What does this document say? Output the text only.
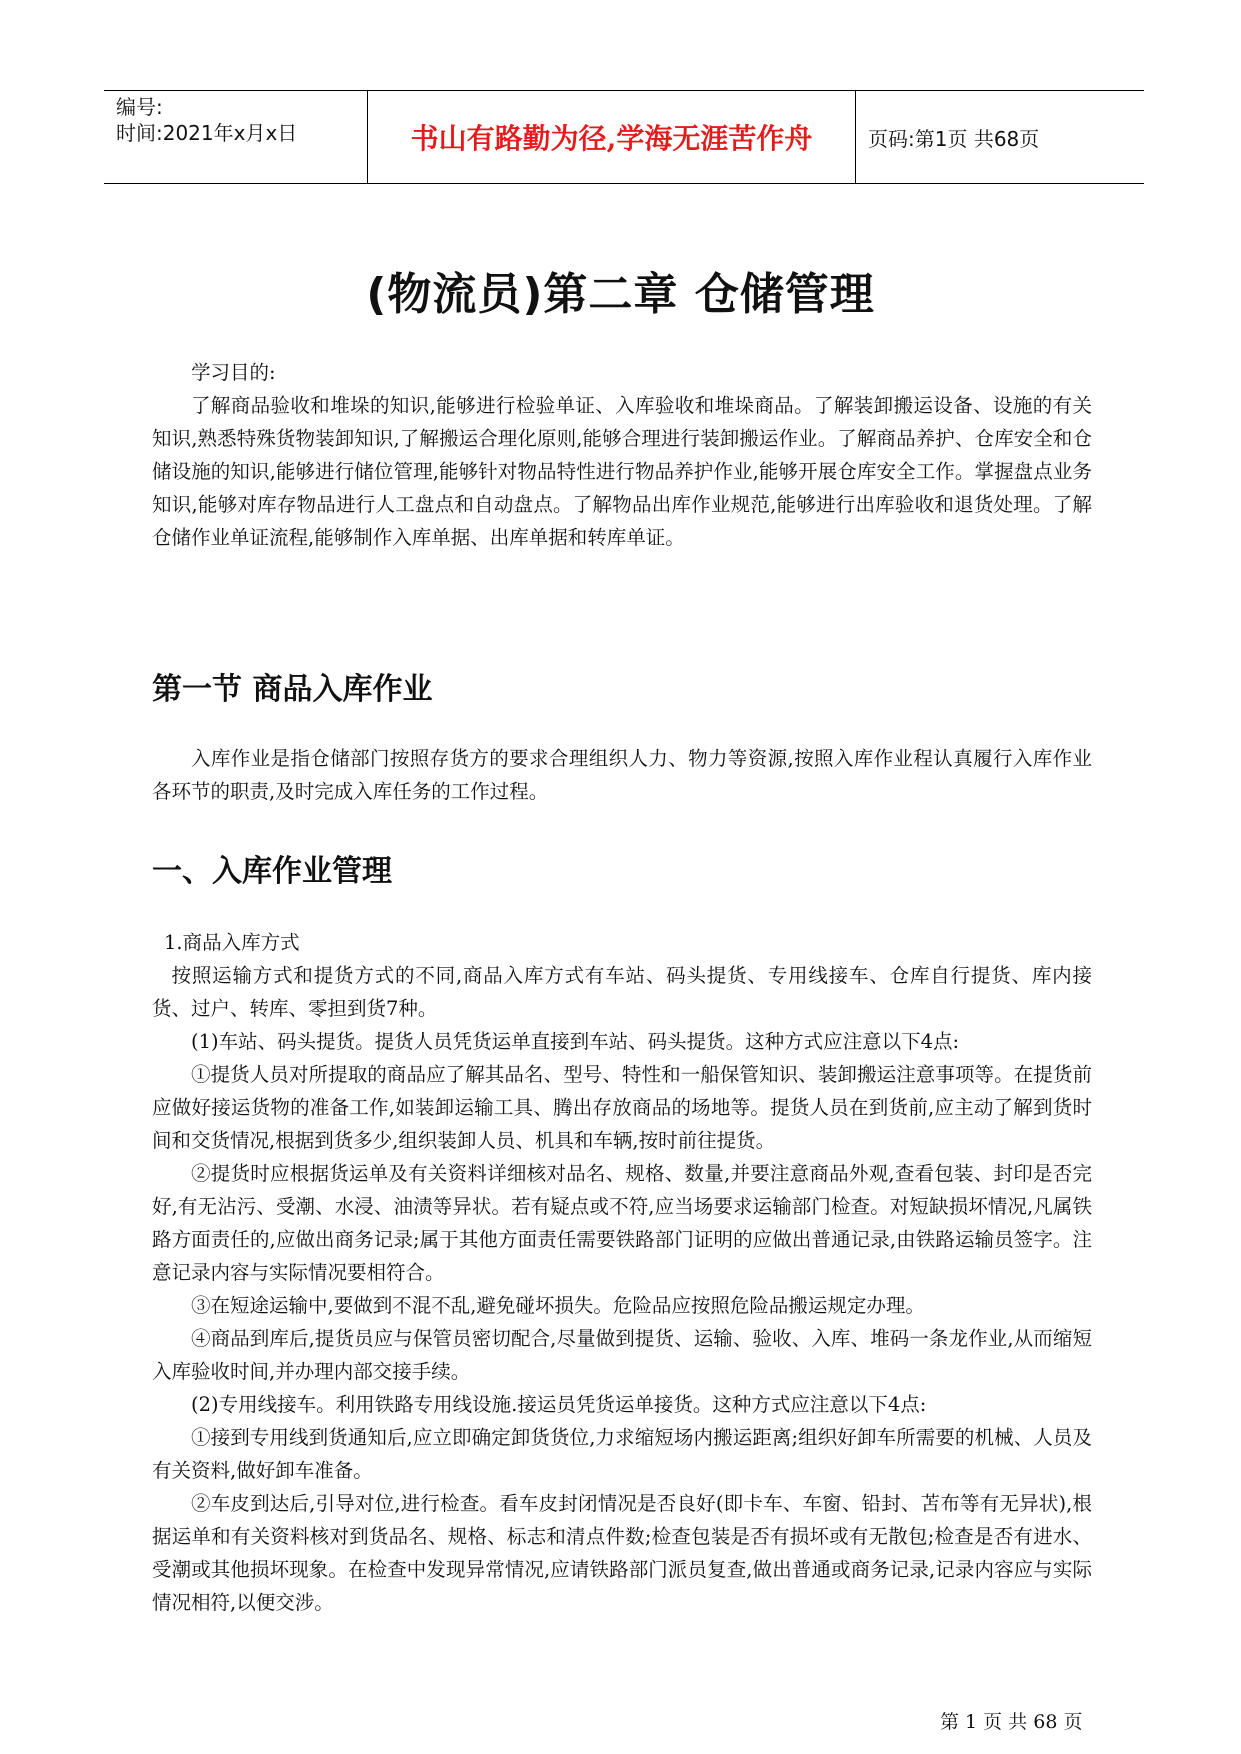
编号:
时间:2021年x月x日	书山有路勤为径,学海无涯苦作舟	页码:第1页 共68页
(物流员)第二章 仓储管理

学习目的:

了解商品验收和堆垛的知识,能够进行检验单证、入库验收和堆垛商品。了解装卸搬运设备、设施的有关知识,熟悉特殊货物装卸知识,了解搬运合理化原则,能够合理进行装卸搬运作业。了解商品养护、仓库安全和仓储设施的知识,能够进行储位管理,能够针对物品特性进行物品养护作业,能够开展仓库安全工作。掌握盘点业务知识,能够对库存物品进行人工盘点和自动盘点。了解物品出库作业规范,能够进行出库验收和退货处理。了解仓储作业单证流程,能够制作入库单据、出库单据和转库单证。

第一节 商品入库作业

入库作业是指仓储部门按照存货方的要求合理组织人力、物力等资源,按照入库作业程认真履行入库作业各环节的职责,及时完成入库任务的工作过程。

一、入库作业管理

1.商品入库方式

按照运输方式和提货方式的不同,商品入库方式有车站、码头提货、专用线接车、仓库自行提货、库内接货、过户、转库、零担到货7种。

(1)车站、码头提货。提货人员凭货运单直接到车站、码头提货。这种方式应注意以下4点:

①提货人员对所提取的商品应了解其品名、型号、特性和一船保管知识、装卸搬运注意事项等。在提货前应做好接运货物的准备工作,如装卸运输工具、腾出存放商品的场地等。提货人员在到货前,应主动了解到货时间和交货情况,根据到货多少,组织装卸人员、机具和车辆,按时前往提货。

②提货时应根据货运单及有关资料详细核对品名、规格、数量,并要注意商品外观,查看包装、封印是否完好,有无沾污、受潮、水浸、油渍等异状。若有疑点或不符,应当场要求运输部门检查。对短缺损坏情况,凡属铁路方面责任的,应做出商务记录;属于其他方面责任需要铁路部门证明的应做出普通记录,由铁路运输员签字。注意记录内容与实际情况要相符合。

③在短途运输中,要做到不混不乱,避免碰坏损失。危险品应按照危险品搬运规定办理。

④商品到库后,提货员应与保管员密切配合,尽量做到提货、运输、验收、入库、堆码一条龙作业,从而缩短入库验收时间,并办理内部交接手续。

(2)专用线接车。利用铁路专用线设施.接运员凭货运单接货。这种方式应注意以下4点:

①接到专用线到货通知后,应立即确定卸货货位,力求缩短场内搬运距离;组织好卸车所需要的机械、人员及有关资料,做好卸车准备。

②车皮到达后,引导对位,进行检查。看车皮封闭情况是否良好(即卡车、车窗、铅封、苫布等有无异状),根据运单和有关资料核对到货品名、规格、标志和清点件数;检查包装是否有损坏或有无散包;检查是否有进水、受潮或其他损坏现象。在检查中发现异常情况,应请铁路部门派员复查,做出普通或商务记录,记录内容应与实际情况相符,以便交涉。

第 1 页 共 68 页
